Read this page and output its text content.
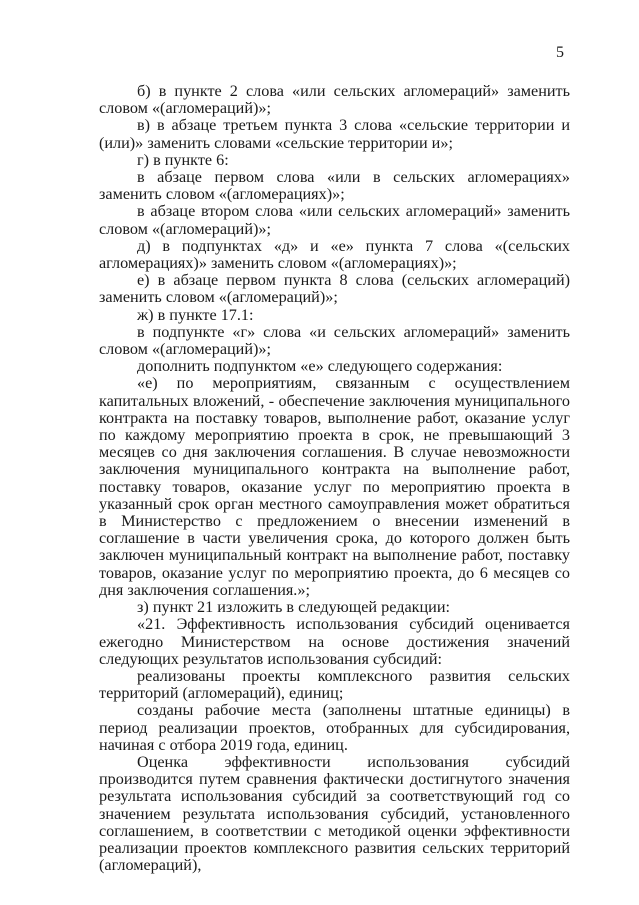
5

б) в пункте 2 слова «или сельских агломераций» заменить словом «(агломераций)»;

в) в абзаце третьем пункта 3 слова «сельские территории и (или)» заменить словами «сельские территории и»;

г) в пункте 6:

в абзаце первом слова «или в сельских агломерациях» заменить словом «(агломерациях)»;

в абзаце втором слова «или сельских агломераций» заменить словом «(агломераций)»;

д) в подпунктах «д» и «е» пункта 7 слова «(сельских агломерациях)» заменить словом «(агломерациях)»;

е) в абзаце первом пункта 8 слова (сельских агломераций) заменить словом «(агломераций)»;

ж) в пункте 17.1:

в подпункте «г» слова «и сельских агломераций» заменить словом «(агломераций)»;

дополнить подпунктом «е» следующего содержания:

«е) по мероприятиям, связанным с осуществлением капитальных вложений, - обеспечение заключения муниципального контракта на поставку товаров, выполнение работ, оказание услуг по каждому мероприятию проекта в срок, не превышающий 3 месяцев со дня заключения соглашения. В случае невозможности заключения муниципального контракта на выполнение работ, поставку товаров, оказание услуг по мероприятию проекта в указанный срок орган местного самоуправления может обратиться в Министерство с предложением о внесении изменений в соглашение в части увеличения срока, до которого должен быть заключен муниципальный контракт на выполнение работ, поставку товаров, оказание услуг по мероприятию проекта, до 6 месяцев со дня заключения соглашения.»;

з) пункт 21 изложить в следующей редакции:

«21. Эффективность использования субсидий оценивается ежегодно Министерством на основе достижения значений следующих результатов использования субсидий:

реализованы проекты комплексного развития сельских территорий (агломераций), единиц;

созданы рабочие места (заполнены штатные единицы) в период реализации проектов, отобранных для субсидирования, начиная с отбора 2019 года, единиц.

Оценка эффективности использования субсидий производится путем сравнения фактически достигнутого значения результата использования субсидий за соответствующий год со значением результата использования субсидий, установленного соглашением, в соответствии с методикой оценки эффективности реализации проектов комплексного развития сельских территорий (агломераций),
